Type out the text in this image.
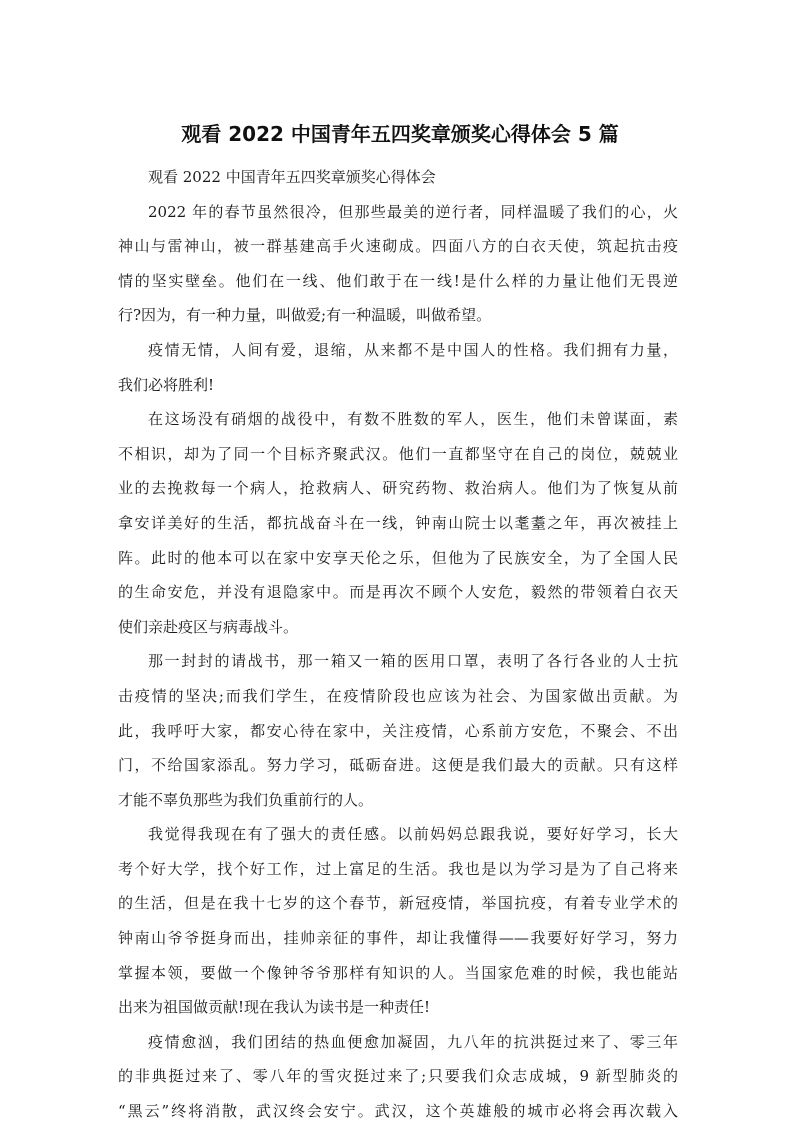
观看 2022 中国青年五四奖章颁奖心得体会 5 篇

观看 2022 中国青年五四奖章颁奖心得体会

2022 年的春节虽然很冷，但那些最美的逆行者，同样温暖了我们的心，火

神山与雷神山，被一群基建高手火速砌成。四面八方的白衣天使，筑起抗击疫

情的坚实壁垒。他们在一线、他们敢于在一线!是什么样的力量让他们无畏逆

行?因为，有一种力量，叫做爱;有一种温暖，叫做希望。

疫情无情，人间有爱，退缩，从来都不是中国人的性格。我们拥有力量，

我们必将胜利!

在这场没有硝烟的战役中，有数不胜数的军人，医生，他们未曾谋面，素

不相识，却为了同一个目标齐聚武汉。他们一直都坚守在自己的岗位，兢兢业

业的去挽救每一个病人，抢救病人、研究药物、救治病人。他们为了恢复从前

拿安详美好的生活，都抗战奋斗在一线，钟南山院士以耄耋之年，再次被挂上

阵。此时的他本可以在家中安享天伦之乐，但他为了民族安全，为了全国人民

的生命安危，并没有退隐家中。而是再次不顾个人安危，毅然的带领着白衣天

使们亲赴疫区与病毒战斗。

那一封封的请战书，那一箱又一箱的医用口罩，表明了各行各业的人士抗

击疫情的坚决;而我们学生，在疫情阶段也应该为社会、为国家做出贡献。为

此，我呼吁大家，都安心待在家中，关注疫情，心系前方安危，不聚会、不出

门，不给国家添乱。努力学习，砥砺奋进。这便是我们最大的贡献。只有这样

才能不辜负那些为我们负重前行的人。

我觉得我现在有了强大的责任感。以前妈妈总跟我说，要好好学习，长大

考个好大学，找个好工作，过上富足的生活。我也是以为学习是为了自己将来

的生活，但是在我十七岁的这个春节，新冠疫情，举国抗疫，有着专业学术的

钟南山爷爷挺身而出，挂帅亲征的事件，却让我懂得——我要好好学习，努力

掌握本领，要做一个像钟爷爷那样有知识的人。当国家危难的时候，我也能站

出来为祖国做贡献!现在我认为读书是一种责任!

疫情愈汹，我们团结的热血便愈加凝固，九八年的抗洪挺过来了、零三年

的非典挺过来了、零八年的雪灾挺过来了;只要我们众志成城，9 新型肺炎的

“黑云”终将消散，武汉终会安宁。武汉，这个英雄般的城市必将会再次载入
